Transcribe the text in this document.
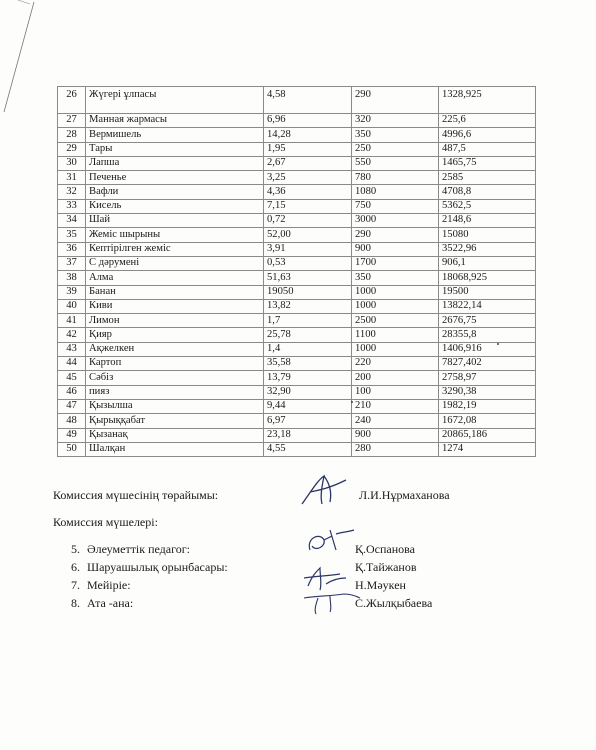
26	Жүгері ұлпасы	4,58	290	1328,925
27	Манная жармасы	6,96	320	225,6
28	Вермишель	14,28	350	4996,6
29	Тары	1,95	250	487,5
30	Лапша	2,67	550	1465,75
31	Печенье	3,25	780	2585
32	Вафли	4,36	1080	4708,8
33	Кисель	7,15	750	5362,5
34	Шай	0,72	3000	2148,6
35	Жеміс шырыны	52,00	290	15080
36	Кептірілген жеміс	3,91	900	3522,96
37	С дәрумені	0,53	1700	906,1
38	Алма	51,63	350	18068,925
39	Банан	19050	1000	19500
40	Киви	13,82	1000	13822,14
41	Лимон	1,7	2500	2676,75
42	Қияр	25,78	1100	28355,8
43	Ақжелкен	1,4	1000	1406,916
44	Картоп	35,58	220	7827,402
45	Сәбіз	13,79	200	2758,97
46	пияз	32,90	100	3290,38
47	Қызылша	9,44	210	1982,19
48	Қырыққабат	6,97	240	1672,08
49	Қызанақ	23,18	900	20865,186
50	Шалқан	4,55	280	1274
Комиссия мүшесінің төрайымы:	Л.И.Нұрмаханова
Комиссия мүшелері:
5. Әлеуметтік педагог:	Қ.Оспанова
6. Шаруашылық орынбасары:	Қ.Тайжанов
7. Мейіріе:	Н.Мәукен
8. Ата -ана:	С.Жылқыбаева
